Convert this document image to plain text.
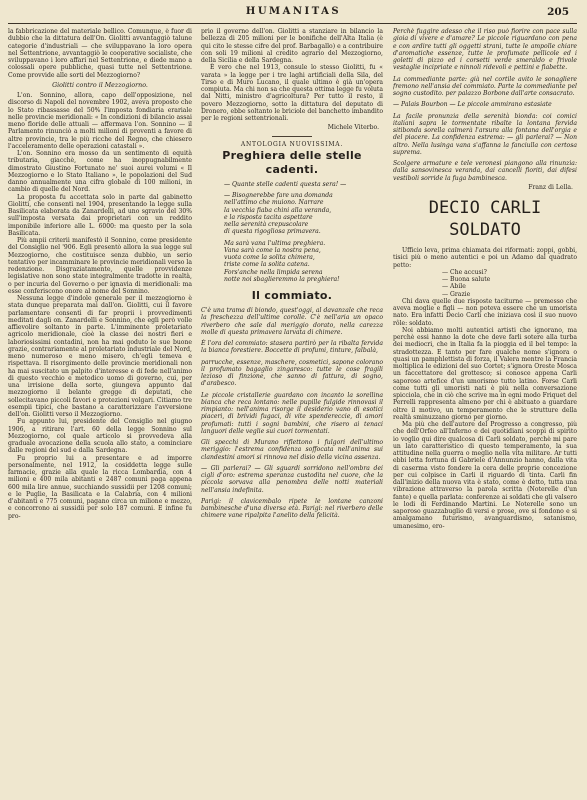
HUMANITAS	205

la fabbricazione del materiale bellico. Comunque, è fuor di dubbio che la dittatura dell'On. Giolitti avvantaggiò talune categorie d'industriali — che sviluppavano la loro opera nel Settentrione, avvantaggiò le cooperative socialiste, che sviluppavano i loro affari nel Settentrione, e diede mano a colossali opere pubbliche, quasi tutte nel Settentrione. Come provvide alle sorti del Mezzogiorno?

Giolitti contro il Mezzogiorno.

L'on. Sonnino, allora, capo dell'opposizione, nel discorso di Napoli del novembre 1902, aveva proposto che lo Stato ribassasse del 50% l'imposta fondiaria erariale nelle provincie meridionali: « In condizioni di bilancio assai meno floride delle attuali — affermava l'on. Sonnino — il Parlamento rinunciò a molti milioni di proventi a favore di altre provincie, tra le più ricche del Regno, che chiesero l'acceleramento delle operazioni catastali ».

L'on. Sonnino era mosso da un sentimento di equità tributaria, giacchè, come ha inoppugnabilmente dimostrato Giustino Fortunato ne' suoi aurei volumi « Il Mezzogiorno e lo Stato Italiano », le popolazioni del Sud danno annualmente una cifra globale di 100 milioni, in cambio di quelle del Nord.

La proposta fu accettata solo in parte dal gabinetto Giolitti, che consentì nel 1904, presentando la legge sulla Basilicata elaborata da Zanardelli, ad uno sgravio del 30% sull'imposta versata dai proprietari con un reddito imponibile inferiore alle L. 6000: ma questo per la sola Basilicata.

Più ampii criterii manifestò il Sonnino, come presidente del Consiglio nel '906. Egli presentò allora la sua legge sul Mezzogiorno, che costituisce senza dubbio, un serio tentativo per incamminare le provincie meridionali verso la redenzione. Disgraziatamente, quelle provvidenze legislative non sono state integralmente tradotte in realtà, o per incuria del Governo o per ignavia di meridionali: ma esse conferiscono onore al nome del Sonnino.

Nessuna legge d'indole generale per il mezzogiorno è stata dunque preparata mai dall'on. Giolitti, cui il favore parlamentare consentì di far proprii i provvedimenti meditati dagli on. Zanardelli e Sonnino, che egli però volle affievolire soltanto in parte. L'imminente proletariato agricolo meridionale, cioè la classe dei nostri fieri e laboriosissimi contadini, non ha mai goduto le sue buone grazie, contrariamente al proletariato industriale del Nord, meno numeroso e meno misero, ch'egli temeva e rispettava. Il risorgimento delle provincie meridionali non ha mai suscitato un palpito d'interesse e di fede nell'animo di questo vecchio e metodico uomo di governo, cui, per una irrisione della sorte, giungeva appunto dal mezzogiorno il belante gregge di deputati, che sollecitavano piccoli favori e protezioni volgari. Citiamo tre esempii tipici, che bastano a caratterizzare l'avversione dell'on. Giolitti verso il Mezzogiorno.

Fu appunto lui, presidente del Consiglio nel giugno 1906, a ritirare l'art. 60 della legge Sonnino sul Mezzogiorno, col quale articolo si provvedeva alla graduale avocazione della scuola allo stato, a cominciare dalle regioni del sud e dalla Sardegna.

Fu proprio lui a presentare e ad imporre personalmente, nel 1912, la cosiddetta legge sulle farmacie, grazie alla quale la ricca Lombardia, con 4 milioni e 400 mila abitanti e 2487 comuni paga appena 600 mila lire annue, succhiando sussidii per 1208 comuni; e le Puglie, la Basilicata e la Calabria, con 4 milioni d'abitanti e 775 comuni, pagano circa un milione e mezzo, e concorrono ai sussidii per solo 187 comuni. E infine fu pro-

prio il governo dell'on. Giolitti a stanziare in bilancio la bellezza di 205 milioni per le bonifiche dell'Alta Italia (è qui cito le stesse cifre del prof. Barbagallo) e a contribuire con soli 19 milioni al credito agrario del Mezzogiorno, della Sicilia e della Sardegna.

È vero che nel 1913, consule lo stesso Giolitti, fu « varata » la legge per i tre laghi artificiali della Sila, del Tirso e di Muro Lucano, il quale ultimo è già un'opera compiuta. Ma chi non sa che questa ottima legge fu voluta dal Nitti, ministro d'agricoltura? Per tutto il resto, il povero Mezzogiorno, sotto la dittatura del deputato di Dronero, ebbe soltanto le briciole del banchetto imbandito per le regioni settentrionali.

Michele Viterbo.
ANTOLOGIA NUOVISSIMA.
Preghiera delle stelle cadenti.

— Quante stelle cadenti questa sera! —

— Bisognerebbe fare una domanda

nell'attimo che muiono. Narrare

la vecchia fiaba chini alla veranda,

e la risposta tacita aspettare

nella serenità crepuscolare

di questa rigogliosa primavera.

Ma sarà vana l'ultima preghiera.

Vana sarà come la nostra pena,

vuota come la solita chimera,

triste come la solita catena.

Fors'anche nella limpida serena

notte noi sbaglieremmo la preghiera!

Il commiato.

C'è una trama di biondo, quest'oggi, al davanzale che reca la freschezza dell'ultime corolle. C'è nell'aria un opaco riverbero che sale dal meriggio dorato, nella carezza molle di questa primavera larvata di chimere.

È l'ora del commiato: stasera partirò per la ribalta fervida la bianca forestiere. Boccette di profumi, tinture, falbalà,

parrucche, essenze, maschere, cosmetici, sapone colorano il profumato bagaglio zingaresco: tutte le cose fragili lezioso di finzione, che sanno di fattura, di sogno, d'arabesco.

Le piccole cristallerie guardano con incanto la sorellina bianca che reca lontano: nelle pupille fulgide rinnovasi il rimpianto: nell'anima risorge il desiderio vano di esotici piaceri, di brividi fugaci, di vite spendereccie, di amori profumati: tutti i sogni bambini, che risero ai tenaci languori delle veglie sui cuori tormentati.

Gli specchi di Murano riflettono i fulgori dell'ultimo meriggio: l'estrema confidenza soffocata nell'anima sui clandestini amori si rinnova nel disio della vicina assenza.

— Gli parlerai? — Gli sguardi sorridono nell'ombra dei cigli d'oro: estrema speranza custodita nel cuore, che la piccola sorvava alla penombra delle notti materiali nell'ansia indefinita.

Parigi: il clavicembalo ripete le lontane canzoni bambinesche d'una diversa età. Parigi: nel riverbero delle chimere vane ripalpita l'anelito della felicità.

Perchè fuggire adesso che il riso può fiorire con pace sulla gioia di vivere e d'amare? Le piccole riguardano con pena e con ardire tutti gli oggetti strani, tutte le ampolle chiare d'aromatiche essenze, tutte le profumate pellicole ed i goletti di pizzo ed i corsetti verde smeraldo e frivole vestaglie incipriate e ninnoli ridevoli e pettini e fiabette.

La commediante parte: già nel cortile avito le sonagliere fremono nell'ansia del commiato. Parte la commediante pel sogno custodito. per palazzo Borbone dall'arte consacrato.

— Palais Bourbon — Le piccole ammirano estasiate

La facile pronunzia della serenità bionda: coi comici italiani sapra le tormentate ribalte la lontana fervida sitibonda sorella calmerà l'arsura alla fontana dell'orgia e del piacere. La confidenza estrema: — gli parlerai? — Non altro. Nella lusinga vana s'affanna la fanciulla con certosa suprema.

Scolgere armature e tele veronesi piangono alla rinunzia: dalla sansovinesca veranda, dai cancelli fioriti, dai difesi vestiboli sorride la fuga bambinesca.

Franz di Lella.
DECIO CARLI SOLDATO

Ufficio leva, prima chiamata dei riformati: zoppi, gobbi, tisici più o meno autentici e poi un Adamo dal quadrato petto:

— Che accusi?

— Buona salute

— Abile

— Grazie

Chi dava quelle due risposte taciturne — premesso che aveva moglie e figli — non poteva essere che un umorista nato. Era infatti Decio Carli che iniziava così il suo nuovo rôle: soldato.

Noi abbiamo molti autentici artisti che ignorano, ma perchè essi hanno la dote che deve farli sotere alla turba dei mediocri, che in Italia fa la pioggia ed il bel tempo: la stradottezza. E tanto per fare qualche nome s'ignora o quasi un pamphlettista di forza, il Valera mentre la Francia moltiplica le edizioni del suo Cortet; s'ignora Oreste Mosca un faccettatore del grottesco; si conosce appena Carli saporoso artefice d'un umorismo tutto latino. Forse Carli come tutti gli umoristi nati è più nella conversazione spicciola, che in ciò che scrive ma in egni modo Friquet del Perrelli rappresenta almeno per chi è abituato a guardare oltre il motivo, un temperamento che le strutture della realtà sminuzzano giorno per giorno.

Ma più che dell'autore del Progresso a congresso, più che dell'Orfeo all'Inferno e dei quotidiani scoppi di spirito io voglio qui dire qualcosa di Carli soldato, perchè mi pare un lato caratteristico di questo temperamento, la sua attitudine nella guerra o meglio nella vita militare. Ar tutti ebbi letta fortuna di Gabriele d'Annunzio hanno, dalla vita di caserma visto fondere la cera delle proprie concezione per cui colpisce in Carli il riguardo di tinta. Carli fin dall'inizio della nuova vita è stato, come è detto, tutta una vibrazione attraverso la parola scritta (Noterelle d'un fante) e quella parlata: conferenze ai soldati che gli valsero le lodi di Ferdinando Martini. Le Noterelle sono un saporoso guazzabuglio di versi e prose, ove si fondono e si amalgamano futurismo, avanguardismo, satanismo, umanesimo, ero-
